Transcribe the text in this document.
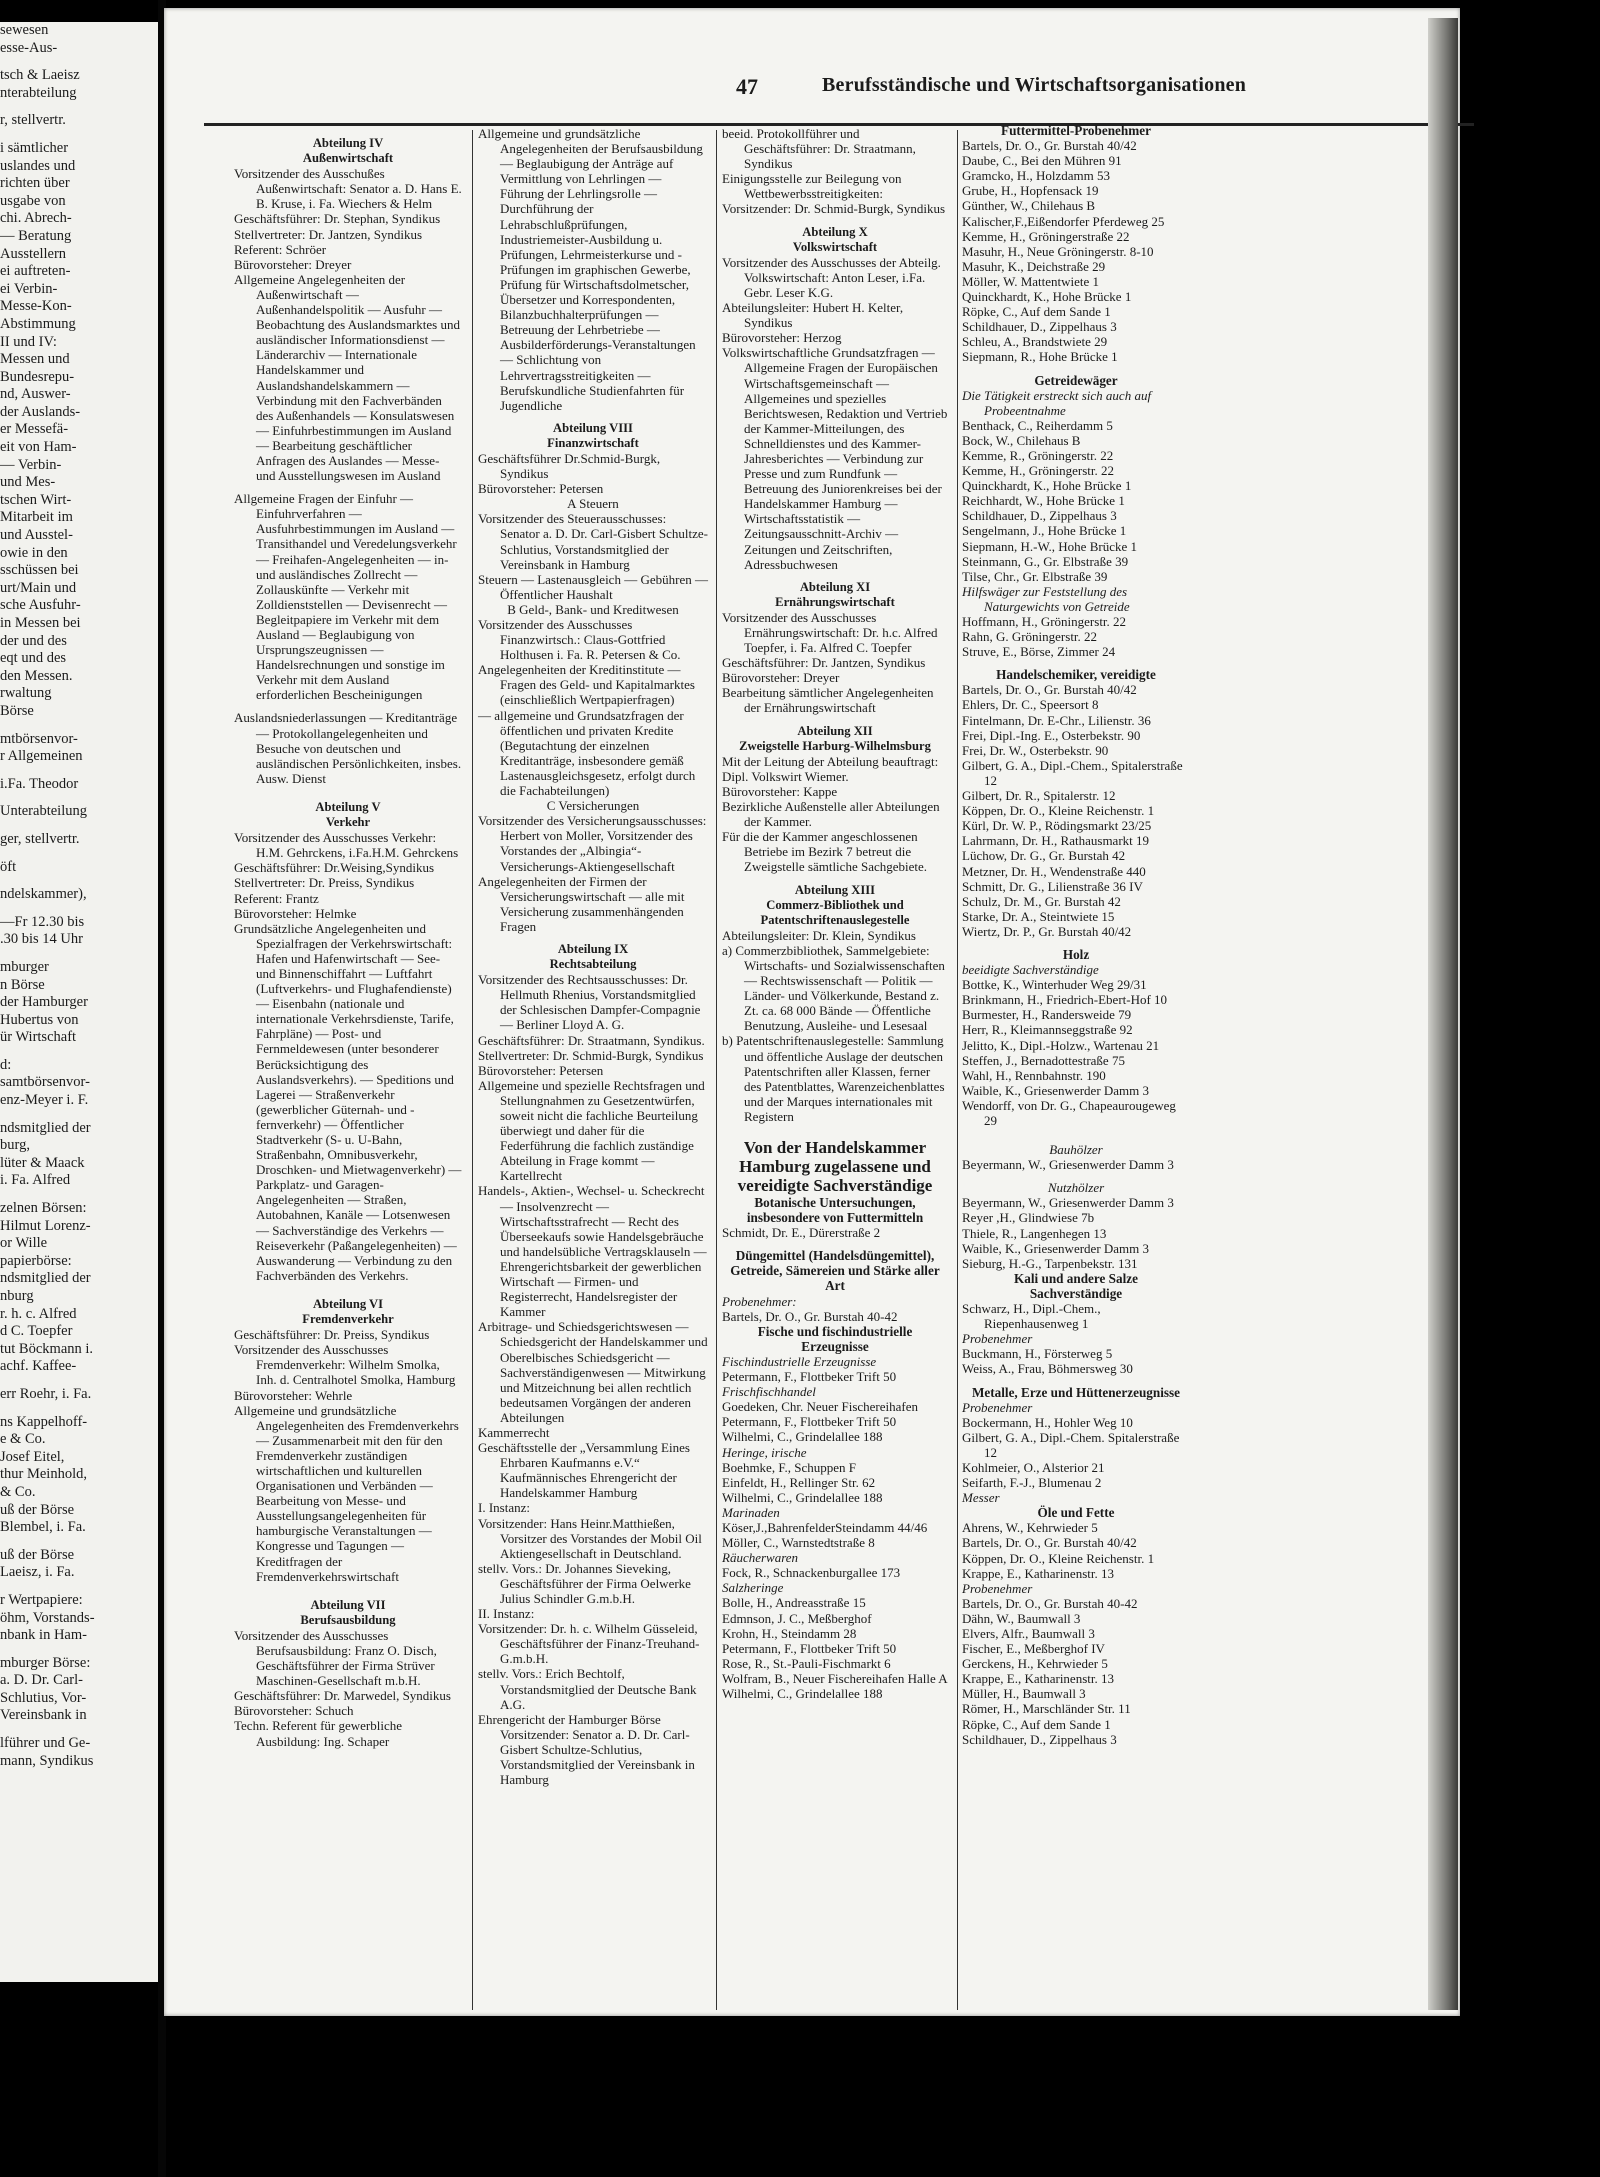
sewesen
esse-Aus-
tsch & Laeisz
nterabteilung
r, stellvertr.
i sämtlicher
uslandes und
richten über
usgabe von
chi. Abrech-
— Beratung
Ausstellern
ei auftreten-
ei Verbin-
Messe-Kon-
Abstimmung
II und IV:
Messen und
Bundesrepu-
nd, Auswer-
der Auslands-
er Messefä-
eit von Ham-
— Verbin-
und Mes-
tschen Wirt-
Mitarbeit im
und Ausstel-
owie in den
sschüssen bei
urt/Main und
sche Ausfuhr-
in Messen bei
der und des
eqt und des
den Messen.
rwaltung
Börse
mtbörsenvor-
r Allgemeinen
i.Fa. Theodor
Unterabteilung
ger, stellvertr.
öft
ndelskammer),
—Fr 12.30 bis
.30 bis 14 Uhr
mburger
n Börse
der Hamburger
Hubertus von
ür Wirtschaft
d:
samtbörsenvor-
enz-Meyer i. F.
ndsmitglied der
burg,
lüter & Maack
i. Fa. Alfred
zelnen Börsen:
Hilmut Lorenz-
or Wille
papierbörse:
ndsmitglied der
nburg
r. h. c. Alfred
d C. Toepfer
tut Böckmann i.
achf. Kaffee-
err Roehr, i. Fa.
ns Kappelhoff-
e & Co.
Josef Eitel,
thur Meinhold,
& Co.
uß der Börse
Blembel, i. Fa.
uß der Börse
Laeisz, i. Fa.
r Wertpapiere:
öhm, Vorstands-
nbank in Ham-
mburger Börse:
a. D. Dr. Carl-
Schlutius, Vor-
Vereinsbank in
lführer und Ge-
mann, Syndikus
47	Berufsständische und Wirtschaftsorganisationen

Abteilung IV

Außenwirtschaft

Vorsitzender des Ausschußes Außenwirtschaft: Senator a. D. Hans E. B. Kruse, i. Fa. Wiechers & Helm

Geschäftsführer: Dr. Stephan, Syndikus

Stellvertreter: Dr. Jantzen, Syndikus

Referent: Schröer

Bürovorsteher: Dreyer

Allgemeine Angelegenheiten der Außenwirtschaft — Außenhandelspolitik — Ausfuhr — Beobachtung des Auslandsmarktes und ausländischer Informationsdienst — Länderarchiv — Internationale Handelskammer und Auslandshandelskammern — Verbindung mit den Fachverbänden des Außenhandels — Konsulatswesen — Einfuhrbestimmungen im Ausland — Bearbeitung geschäftlicher Anfragen des Auslandes — Messe- und Ausstellungswesen im Ausland

Allgemeine Fragen der Einfuhr — Einfuhrverfahren — Ausfuhrbestimmungen im Ausland — Transithandel und Veredelungsverkehr — Freihafen-Angelegenheiten — in- und ausländisches Zollrecht — Zollauskünfte — Verkehr mit Zolldienststellen — Devisenrecht — Begleitpapiere im Verkehr mit dem Ausland — Beglaubigung von Ursprungszeugnissen — Handelsrechnungen und sonstige im Verkehr mit dem Ausland erforderlichen Bescheinigungen

Auslandsniederlassungen — Kreditanträge — Protokollangelegenheiten und Besuche von deutschen und ausländischen Persönlichkeiten, insbes. Ausw. Dienst

Abteilung V

Verkehr

Vorsitzender des Ausschusses Verkehr: H.M. Gehrckens, i.Fa.H.M. Gehrckens

Geschäftsführer: Dr.Weising,Syndikus

Stellvertreter: Dr. Preiss, Syndikus

Referent: Frantz

Bürovorsteher: Helmke

Grundsätzliche Angelegenheiten und Spezialfragen der Verkehrswirtschaft: Hafen und Hafenwirtschaft — See- und Binnenschiffahrt — Luftfahrt (Luftverkehrs- und Flughafendienste) — Eisenbahn (nationale und internationale Verkehrsdienste, Tarife, Fahrpläne) — Post- und Fernmeldewesen (unter besonderer Berücksichtigung des Auslandsverkehrs). — Speditions und Lagerei — Straßenverkehr (gewerblicher Güternah- und -fernverkehr) — Öffentlicher Stadtverkehr (S- u. U-Bahn, Straßenbahn, Omnibusverkehr, Droschken- und Mietwagenverkehr) — Parkplatz- und Garagen-Angelegenheiten — Straßen, Autobahnen, Kanäle — Lotsenwesen — Sachverständige des Verkehrs — Reiseverkehr (Paßangelegenheiten) — Auswanderung — Verbindung zu den Fachverbänden des Verkehrs.

Abteilung VI

Fremdenverkehr

Geschäftsführer: Dr. Preiss, Syndikus

Vorsitzender des Ausschusses Fremdenverkehr: Wilhelm Smolka, Inh. d. Centralhotel Smolka, Hamburg

Bürovorsteher: Wehrle

Allgemeine und grundsätzliche Angelegenheiten des Fremdenverkehrs — Zusammenarbeit mit den für den Fremdenverkehr zuständigen wirtschaftlichen und kulturellen Organisationen und Verbänden — Bearbeitung von Messe- und Ausstellungsangelegenheiten für hamburgische Veranstaltungen — Kongresse und Tagungen — Kreditfragen der Fremdenverkehrswirtschaft

Abteilung VII

Berufsausbildung

Vorsitzender des Ausschusses Berufsausbildung: Franz O. Disch, Geschäftsführer der Firma Strüver Maschinen-Gesellschaft m.b.H.

Geschäftsführer: Dr. Marwedel, Syndikus

Bürovorsteher: Schuch

Techn. Referent für gewerbliche Ausbildung: Ing. Schaper

Allgemeine und grundsätzliche Angelegenheiten der Berufsausbildung — Beglaubigung der Anträge auf Vermittlung von Lehrlingen — Führung der Lehrlingsrolle — Durchführung der Lehrabschlußprüfungen, Industriemeister-Ausbildung u. Prüfungen, Lehrmeisterkurse und -Prüfungen im graphischen Gewerbe, Prüfung für Wirtschaftsdolmetscher, Übersetzer und Korrespondenten, Bilanzbuchhalterprüfungen — Betreuung der Lehrbetriebe — Ausbilderförderungs-Veranstaltungen — Schlichtung von Lehrvertragsstreitigkeiten — Berufskundliche Studienfahrten für Jugendliche

Abteilung VIII

Finanzwirtschaft

Geschäftsführer Dr.Schmid-Burgk, Syndikus

Bürovorsteher: Petersen

A Steuern

Vorsitzender des Steuerausschusses: Senator a. D. Dr. Carl-Gisbert Schultze-Schlutius, Vorstandsmitglied der Vereinsbank in Hamburg

Steuern — Lastenausgleich — Gebühren — Öffentlicher Haushalt

B Geld-, Bank- und Kreditwesen

Vorsitzender des Ausschusses Finanzwirtsch.: Claus-Gottfried Holthusen i. Fa. R. Petersen & Co.

Angelegenheiten der Kreditinstitute — Fragen des Geld- und Kapitalmarktes (einschließlich Wertpapierfragen)

— allgemeine und Grundsatzfragen der öffentlichen und privaten Kredite (Begutachtung der einzelnen Kreditanträge, insbesondere gemäß Lastenausgleichsgesetz, erfolgt durch die Fachabteilungen)

C Versicherungen

Vorsitzender des Versicherungsausschusses: Herbert von Moller, Vorsitzender des Vorstandes der „Albingia“-Versicherungs-Aktiengesellschaft

Angelegenheiten der Firmen der Versicherungswirtschaft — alle mit Versicherung zusammenhängenden Fragen

Abteilung IX

Rechtsabteilung

Vorsitzender des Rechtsausschusses: Dr. Hellmuth Rhenius, Vorstandsmitglied der Schlesischen Dampfer-Compagnie — Berliner Lloyd A. G.

Geschäftsführer: Dr. Straatmann, Syndikus.

Stellvertreter: Dr. Schmid-Burgk, Syndikus

Bürovorsteher: Petersen

Allgemeine und spezielle Rechtsfragen und Stellungnahmen zu Gesetzentwürfen, soweit nicht die fachliche Beurteilung überwiegt und daher für die Federführung die fachlich zuständige Abteilung in Frage kommt — Kartellrecht

Handels-, Aktien-, Wechsel- u. Scheckrecht — Insolvenzrecht — Wirtschaftsstrafrecht — Recht des Überseekaufs sowie Handelsgebräuche und handelsübliche Vertragsklauseln — Ehrengerichtsbarkeit der gewerblichen Wirtschaft — Firmen- und Registerrecht, Handelsregister der Kammer

Arbitrage- und Schiedsgerichtswesen — Schiedsgericht der Handelskammer und Oberelbisches Schiedsgericht — Sachverständigenwesen — Mitwirkung und Mitzeichnung bei allen rechtlich bedeutsamen Vorgängen der anderen Abteilungen

Kammerrecht

Geschäftsstelle der „Versammlung Eines Ehrbaren Kaufmanns e.V.“ Kaufmännisches Ehrengericht der Handelskammer Hamburg

I. Instanz:

Vorsitzender: Hans Heinr.Matthießen, Vorsitzer des Vorstandes der Mobil Oil Aktiengesellschaft in Deutschland.

stellv. Vors.: Dr. Johannes Sieveking, Geschäftsführer der Firma Oelwerke Julius Schindler G.m.b.H.

II. Instanz:

Vorsitzender: Dr. h. c. Wilhelm Güsseleid, Geschäftsführer der Finanz-Treuhand-G.m.b.H.

stellv. Vors.: Erich Bechtolf, Vorstandsmitglied der Deutsche Bank A.G.

Ehrengericht der Hamburger Börse Vorsitzender: Senator a. D. Dr. Carl-Gisbert Schultze-Schlutius, Vorstandsmitglied der Vereinsbank in Hamburg

beeid. Protokollführer und Geschäftsführer: Dr. Straatmann, Syndikus

Einigungsstelle zur Beilegung von Wettbewerbsstreitigkeiten:

Vorsitzender: Dr. Schmid-Burgk, Syndikus

Abteilung X

Volkswirtschaft

Vorsitzender des Ausschusses der Abteilg. Volkswirtschaft: Anton Leser, i.Fa. Gebr. Leser K.G.

Abteilungsleiter: Hubert H. Kelter, Syndikus

Bürovorsteher: Herzog

Volkswirtschaftliche Grundsatzfragen — Allgemeine Fragen der Europäischen Wirtschaftsgemeinschaft — Allgemeines und spezielles Berichtswesen, Redaktion und Vertrieb der Kammer-Mitteilungen, des Schnelldienstes und des Kammer-Jahresberichtes — Verbindung zur Presse und zum Rundfunk — Betreuung des Juniorenkreises bei der Handelskammer Hamburg — Wirtschaftsstatistik — Zeitungsausschnitt-Archiv — Zeitungen und Zeitschriften, Adressbuchwesen

Abteilung XI

Ernährungswirtschaft

Vorsitzender des Ausschusses Ernährungswirtschaft: Dr. h.c. Alfred Toepfer, i. Fa. Alfred C. Toepfer

Geschäftsführer: Dr. Jantzen, Syndikus

Bürovorsteher: Dreyer

Bearbeitung sämtlicher Angelegenheiten der Ernährungswirtschaft

Abteilung XII

Zweigstelle Harburg-Wilhelmsburg

Mit der Leitung der Abteilung beauftragt:

Dipl. Volkswirt Wiemer.

Bürovorsteher: Kappe

Bezirkliche Außenstelle aller Abteilungen der Kammer.

Für die der Kammer angeschlossenen Betriebe im Bezirk 7 betreut die Zweigstelle sämtliche Sachgebiete.

Abteilung XIII

Commerz-Bibliothek und Patentschriftenauslegestelle

Abteilungsleiter: Dr. Klein, Syndikus

a) Commerzbibliothek, Sammelgebiete: Wirtschafts- und Sozialwissenschaften — Rechtswissenschaft — Politik — Länder- und Völkerkunde, Bestand z. Zt. ca. 68 000 Bände — Öffentliche Benutzung, Ausleihe- und Lesesaal

b) Patentschriftenauslegestelle: Sammlung und öffentliche Auslage der deutschen Patentschriften aller Klassen, ferner des Patentblattes, Warenzeichenblattes und der Marques internationales mit Registern

Von der Handelskammer Hamburg zugelassene und vereidigte Sachverständige

Botanische Untersuchungen, insbesondere von Futtermitteln

Schmidt, Dr. E., Dürerstraße 2

Düngemittel (Handelsdüngemittel), Getreide, Sämereien und Stärke aller Art

Probenehmer:

Bartels, Dr. O., Gr. Burstah 40-42

Fische und fischindustrielle

Erzeugnisse

Fischindustrielle Erzeugnisse

Petermann, F., Flottbeker Trift 50

Frischfischhandel

Goedeken, Chr. Neuer Fischereihafen

Petermann, F., Flottbeker Trift 50

Wilhelmi, C., Grindelallee 188

Heringe, irische

Boehmke, F., Schuppen F

Einfeldt, H., Rellinger Str. 62

Wilhelmi, C., Grindelallee 188

Marinaden

Köser,J.,BahrenfelderSteindamm 44/46

Möller, C., Warnstedtstraße 8

Räucherwaren

Fock, R., Schnackenburgallee 173

Salzheringe

Bolle, H., Andreasstraße 15

Edmnson, J. C., Meßberghof

Krohn, H., Steindamm 28

Petermann, F., Flottbeker Trift 50

Rose, R., St.-Pauli-Fischmarkt 6

Wolfram, B., Neuer Fischereihafen Halle A

Wilhelmi, C., Grindelallee 188

Futtermittel-Probenehmer

Bartels, Dr. O., Gr. Burstah 40/42

Daube, C., Bei den Mühren 91

Gramcko, H., Holzdamm 53

Grube, H., Hopfensack 19

Günther, W., Chilehaus B

Kalischer,F.,Eißendorfer Pferdeweg 25

Kemme, H., Gröningerstraße 22

Masuhr, H., Neue Gröningerstr. 8-10

Masuhr, K., Deichstraße 29

Möller, W. Mattentwiete 1

Quinckhardt, K., Hohe Brücke 1

Röpke, C., Auf dem Sande 1

Schildhauer, D., Zippelhaus 3

Schleu, A., Brandstwiete 29

Siepmann, R., Hohe Brücke 1

Getreidewäger

Die Tätigkeit erstreckt sich auch auf Probeentnahme

Benthack, C., Reiherdamm 5

Bock, W., Chilehaus B

Kemme, R., Gröningerstr. 22

Kemme, H., Gröningerstr. 22

Quinckhardt, K., Hohe Brücke 1

Reichhardt, W., Hohe Brücke 1

Schildhauer, D., Zippelhaus 3

Sengelmann, J., Hohe Brücke 1

Siepmann, H.-W., Hohe Brücke 1

Steinmann, G., Gr. Elbstraße 39

Tilse, Chr., Gr. Elbstraße 39

Hilfswäger zur Feststellung des Naturgewichts von Getreide

Hoffmann, H., Gröningerstr. 22

Rahn, G. Gröningerstr. 22

Struve, E., Börse, Zimmer 24

Handelschemiker, vereidigte

Bartels, Dr. O., Gr. Burstah 40/42

Ehlers, Dr. C., Speersort 8

Fintelmann, Dr. E-Chr., Lilienstr. 36

Frei, Dipl.-Ing. E., Osterbekstr. 90

Frei, Dr. W., Osterbekstr. 90

Gilbert, G. A., Dipl.-Chem., Spitalerstraße 12

Gilbert, Dr. R., Spitalerstr. 12

Köppen, Dr. O., Kleine Reichenstr. 1

Kürl, Dr. W. P., Rödingsmarkt 23/25

Lahrmann, Dr. H., Rathausmarkt 19

Lüchow, Dr. G., Gr. Burstah 42

Metzner, Dr. H., Wendenstraße 440

Schmitt, Dr. G., Lilienstraße 36 IV

Schulz, Dr. M., Gr. Burstah 42

Starke, Dr. A., Steintwiete 15

Wiertz, Dr. P., Gr. Burstah 40/42

Holz

beeidigte Sachverständige

Bottke, K., Winterhuder Weg 29/31

Brinkmann, H., Friedrich-Ebert-Hof 10

Burmester, H., Randersweide 79

Herr, R., Kleimannseggstraße 92

Jelitto, K., Dipl.-Holzw., Wartenau 21

Steffen, J., Bernadottestraße 75

Wahl, H., Rennbahnstr. 190

Waible, K., Griesenwerder Damm 3

Wendorff, von Dr. G., Chapeaurougeweg 29

Bauhölzer

Beyermann, W., Griesenwerder Damm 3

Nutzhölzer

Beyermann, W., Griesenwerder Damm 3

Reyer ,H., Glindwiese 7b

Thiele, R., Langenhegen 13

Waible, K., Griesenwerder Damm 3

Sieburg, H.-G., Tarpenbekstr. 131

Kali und andere Salze

Sachverständige

Schwarz, H., Dipl.-Chem., Riepenhausenweg 1

Probenehmer

Buckmann, H., Försterweg 5

Weiss, A., Frau, Böhmersweg 30

Metalle, Erze und Hüttenerzeugnisse

Probenehmer

Bockermann, H., Hohler Weg 10

Gilbert, G. A., Dipl.-Chem. Spitalerstraße 12

Kohlmeier, O., Alsterior 21

Seifarth, F.-J., Blumenau 2

Messer

Öle und Fette

Ahrens, W., Kehrwieder 5

Bartels, Dr. O., Gr. Burstah 40/42

Köppen, Dr. O., Kleine Reichenstr. 1

Krappe, E., Katharinenstr. 13

Probenehmer

Bartels, Dr. O., Gr. Burstah 40-42

Dähn, W., Baumwall 3

Elvers, Alfr., Baumwall 3

Fischer, E., Meßberghof IV

Gerckens, H., Kehrwieder 5

Krappe, E., Katharinenstr. 13

Müller, H., Baumwall 3

Römer, H., Marschländer Str. 11

Röpke, C., Auf dem Sande 1

Schildhauer, D., Zippelhaus 3
